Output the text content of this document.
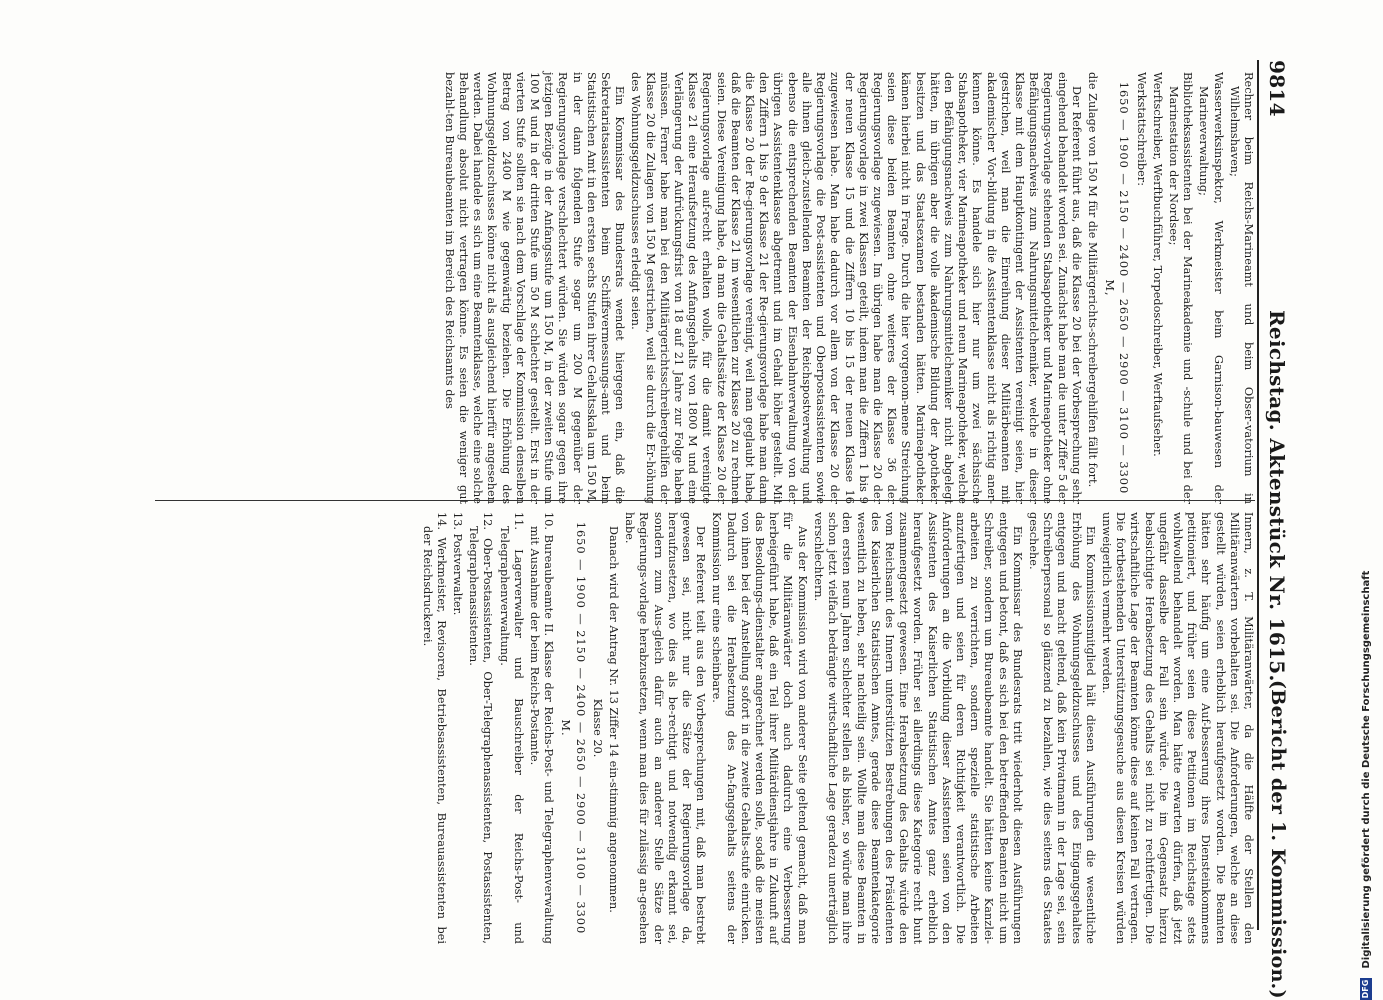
9814
Reichstag. Aktenstück Nr. 1615.
(Bericht der 1. Kommission.)

Rechner beim Reichs-Marineamt und beim Obser-vatorium in Wilhelmshaven;

Wasserwerksinspektor, Werkmeister beim Garnison-bauwesen der Marineverwaltung;

Bibliotheksassistenten bei der Marineakademie und -schule und bei der Marinestation der Nordsee;

Werftschreiber, Werftbuchführer, Torpedoschreiber, Werftaufseher.

Werkstattschreiber:

1650 — 1900 — 2150 — 2400 — 2650 — 2900 — 3100 — 3300 M,

die Zulage von 150 M für die Militärgerichts-schreibergehilfen fällt fort.

Der Referent führt aus, daß die Klasse 20 bei der Vorbesprechung sehr eingehend behandelt worden sei. Zunächst habe man die unter Ziffer 5 der Regierungs-vorlage stehenden Stabsapotheker und Marineapotheker ohne Befähigungsnachweis zum Nahrungsmittelchemiker, welche in dieser Klasse mit dem Hauptkontingent der Assistenten vereinigt seien, hier gestrichen, weil man die Einreihung dieser Militärbeamten mit akademischer Vor-bildung in die Assistentenklasse nicht als richtig aner-kennen könne. Es handele sich hier nur um zwei sächsische Stabsapotheker, vier Marineapotheker und neun Marineapotheker, welche den Befähigungsnachweis zum Nahrungsmittelchemiker nicht abgelegt hätten, im übrigen aber die volle akademische Bildung der Apotheker besitzen und das Staatsexamen bestanden hätten. Marineapotheker kämen hierbei nicht in Frage. Durch die hier vorgenom-mene Streichung seien diese beiden Beamten ohne weiteres der Klasse 36 der Regierungsvorlage zugewiesen. Im übrigen habe man die Klasse 20 der Regierungsvorlage in zwei Klassen geteilt, indem man die Ziffern 1 bis 9 der neuen Klasse 15 und die Ziffern 10 bis 15 der neuen Klasse 16 zugewiesen habe. Man habe dadurch vor allem von der Klasse 20 der Regierungsvorlage die Post-assistenten und Oberpostassistenten sowie alle ihnen gleich-zustellenden Beamten der Reichspostverwaltung und ebenso die entsprechenden Beamten der Eisenbahnverwaltung von der übrigen Assistentenklasse abgetrennt und im Gehalt höher gestellt. Mit den Ziffern 1 bis 9 der Klasse 21 der Re-gierungsvorlage habe man dann die Klasse 20 der Re-gierungsvorlage vereinigt, weil man geglaubt habe, daß die Beamten der Klasse 21 im wesentlichen zur Klasse 20 zu rechnen seien. Diese Vereinigung habe, da man die Gehaltssätze der Klasse 20 der Regierungsvorlage auf-recht erhalten wolle, für die damit vereinigte Klasse 21 eine Heraufsetzung des Anfangsgehalts von 1800 M und eine Verlängerung der Aufrückungsfrist von 18 auf 21 Jahre zur Folge haben müssen. Ferner habe man bei den Militärgerichtsschreibergehilfen der Klasse 20 die Zulagen von 150 M gestrichen, weil sie durch die Er-höhung des Wohnungsgeldzuschusses erledigt seien.

Ein Kommissar des Bundesrats wendet hiergegen ein, daß die Sekretariatsassistenten beim Schiffsvermessungs-amt und beim Statistischen Amt in den ersten sechs Stufen ihrer Gehaltsskala um 150 M, in der dann folgenden Stufe sogar um 200 M gegenüber der Regierungsvorlage verschlechtert würden. Sie würden sogar gegen ihre jetzigen Bezüge in der Anfangsstufe um 150 M, in der zweiten Stufe um 100 M und in der dritten Stufe um 50 M schlechter gestellt. Erst in der vierten Stufe sollten sie nach dem Vorschlage der Kommission denselben Betrag von 2400 M wie gegenwärtig beziehen. Die Erhöhung des Wohnungsgeldzuschusses könne nicht als ausgleichend hierfür angesehen werden. Dabei handele es sich um eine Beamtenklasse, welche eine solche Behandlung absolut nicht vertragen könne. Es seien die weniger gut bezahl-ten Bureaubeamten im Bereich des Reichsamts des

Innern, z. T. Militäranwärter, da die Hälfte der Stellen den Militäranwärtern vorbehalten sei. Die Anforderungen, welche an diese gestellt würden, seien erheblich heraufgesetzt worden. Die Beamten hätten sehr häufig um eine Auf-besserung ihres Diensteinkommens petitioniert, und früher seien diese Petitionen im Reichstage stets wohlwollend behandelt worden. Man hätte erwarten dürfen, daß jetzt ungefähr dasselbe der Fall sein würde. Die im Gegensatz hierzu beabsichtigte Herabsetzung des Gehalts sei nicht zu rechtfertigen. Die wirtschaftliche Lage der Beamten könne diese auf keinen Fall vertragen. Die fortbestehenden Unterstützungsgesuche aus diesen Kreisen würden unweigerlich vermehrt werden.

Ein Kommissionsmitglied hält diesen Ausführungen die wesentliche Erhöhung des Wohnungsgeldzuschusses und des Eingangsgehaltes entgegen und macht geltend, daß kein Privatmann in der Lage sei, sein Schreiberpersonal so glänzend zu bezahlen, wie dies seitens des Staates geschehe.

Ein Kommissar des Bundesrats tritt wiederholt diesen Ausführungen entgegen und betont, daß es sich bei den betreffenden Beamten nicht um Schreiber, sondern um Bureaubeamte handelt. Sie hätten keine Kanzlei-arbeiten zu verrichten, sondern spezielle statistische Arbeiten anzufertigen und seien für deren Richtigkeit verantwortlich. Die Anforderungen an die Vorbildung dieser Assistenten seien von den Assistenten des Kaiserlichen Statistischen Amtes ganz erheblich heraufgesetzt worden. Früher sei allerdings diese Kategorie recht bunt zusammengesetzt gewesen. Eine Herabsetzung des Gehalts würde den vom Reichsamt des Innern unterstützten Bestrebungen des Präsidenten des Kaiserlichen Statistischen Amtes, gerade diese Beamtenkategorie wesentlich zu heben, sehr nachteilig sein. Wollte man diese Beamten in den ersten neun Jahren schlechter stellen als bisher, so würde man ihre schon jetzt vielfach bedrängte wirtschaftliche Lage geradezu unerträglich verschlechtern.

Aus der Kommission wird von anderer Seite geltend gemacht, daß man für die Militäranwärter doch auch dadurch eine Verbesserung herbeigeführt habe, daß ein Teil ihrer Militärdienstjahre in Zukunft auf das Besoldungs-dienstalter angerechnet werden solle, sodaß die meisten von ihnen bei der Anstellung sofort in die zweite Gehalts-stufe einrücken. Dadurch sei die Herabsetzung des An-fangsgehalts seitens der Kommission nur eine scheinbare.

Der Referent teilt aus den Vorbesprechungen mit, daß man bestrebt gewesen sei, nicht nur die Sätze der Regierungsvorlage da, heraufzusetzen, wo dies als be-rechtigt und notwendig erkannt sei, sondern zum Aus-gleich dafür auch an anderer Stelle Sätze der Regierungs-vorlage herabzusetzen, wenn man dies für zulässig an-gesehen habe.

Danach wird der Antrag Nr. 13 Ziffer 14 ein-stimmig angenommen.

Klasse 20.

1650 — 1900 — 2150 — 2400 — 2650 — 2900 — 3100 — 3300 M.

10. Bureaubeamte II. Klasse der Reichs-Post- und Telegraphenverwaltung mit Ausnahme der beim Reichs-Postamte.

11. Lagerverwalter und Bauschreiber der Reichs-Post- und Telegraphenverwaltung.

12. Ober-Postassistenten, Ober-Telegraphenassistenten, Postassistenten, Telegraphenassistenten.

13. Postverwalter.

14. Werkmeister, Revisoren, Betriebsassistenten, Bureauassistenten bei der Reichsdruckerei.

DFG Digitalisierung gefördert durch die Deutsche Forschungsgemeinschaft
